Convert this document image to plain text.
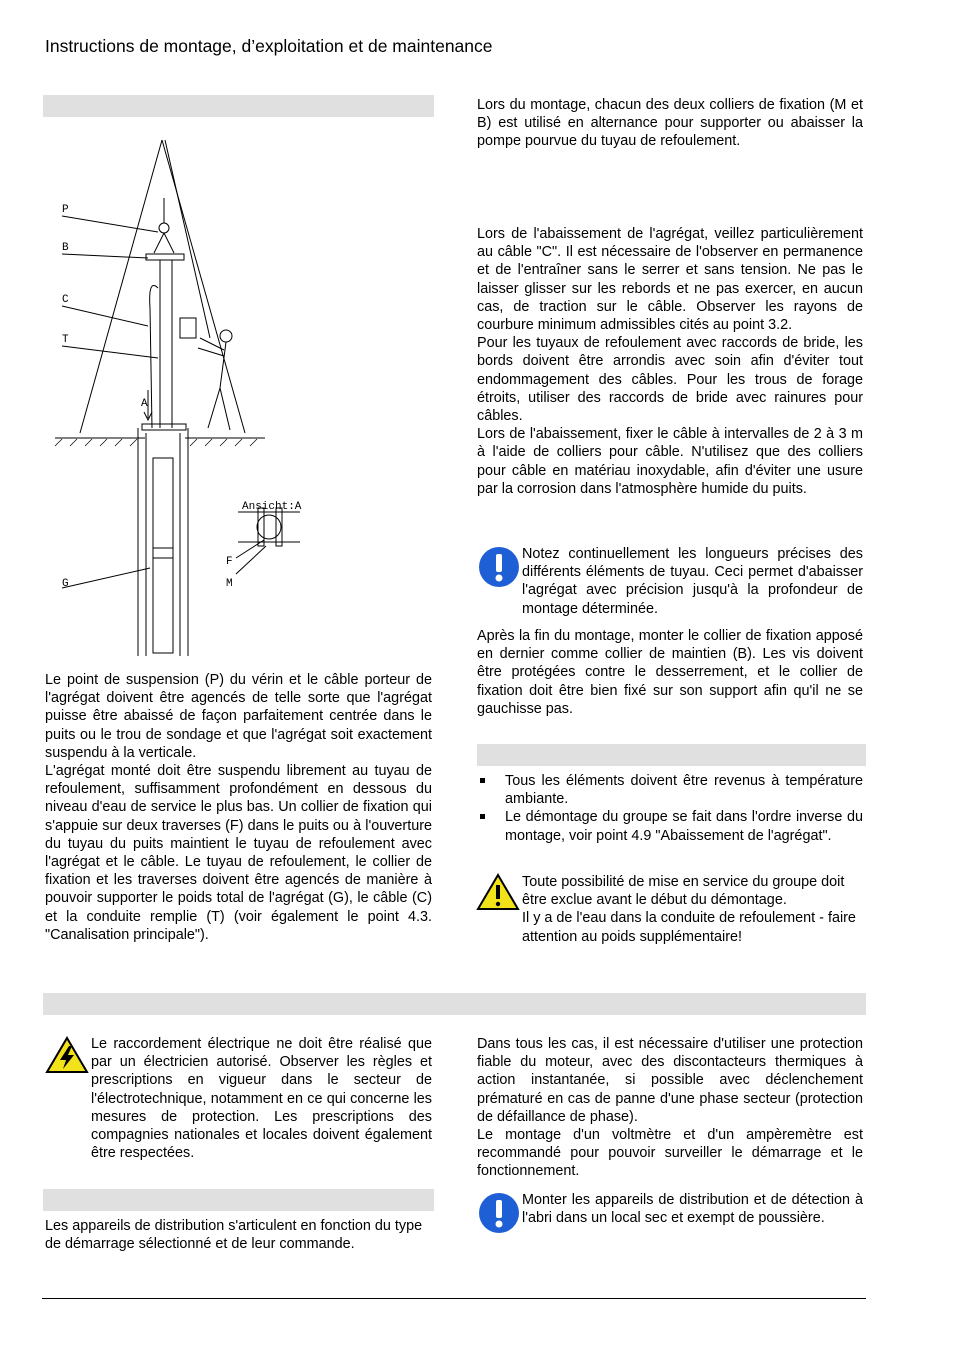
Instructions de montage, d’exploitation et de maintenance
P
B
C
T
A
G
F
M
Ansicht:A

Le point de suspension (P) du vérin et le câble porteur de l'agrégat doivent être agencés de telle sorte que l'agrégat puisse être abaissé de façon parfaitement centrée dans le puits ou le trou de sondage et que l'agrégat soit exactement suspendu à la verticale.

L'agrégat monté doit être suspendu librement au tuyau de refoulement, suffisamment profondément en dessous du niveau d'eau de service le plus bas. Un collier de fixation qui s'appuie sur deux traverses (F) dans le puits ou à l'ouverture du tuyau du puits maintient le tuyau de refoulement avec l'agrégat et le câble. Le tuyau de refoulement, le collier de fixation et les traverses doivent être agencés de manière à pouvoir supporter le poids total de l'agrégat (G), le câble (C) et la conduite remplie (T) (voir également le point 4.3. "Canalisation principale").

Lors du montage, chacun des deux colliers de fixation (M et B) est utilisé en alternance pour supporter ou abaisser la pompe pourvue du tuyau de refoulement.

Lors de l'abaissement de l'agrégat, veillez particulièrement au câble "C". Il est nécessaire de l'observer en permanence et de l'entraîner sans le serrer et sans tension. Ne pas le laisser glisser sur les rebords et ne pas exercer, en aucun cas, de traction sur le câble. Observer les rayons de courbure minimum admissibles cités au point 3.2.

Pour les tuyaux de refoulement avec raccords de bride, les bords doivent être arrondis avec soin afin d'éviter tout endommagement des câbles. Pour les trous de forage étroits, utiliser des raccords de bride avec rainures pour câbles.

Lors de l'abaissement, fixer le câble à intervalles de 2 à 3 m à l'aide de colliers pour câble. N'utilisez que des colliers pour câble en matériau inoxydable, afin d'éviter une usure par la corrosion dans l'atmosphère humide du puits.

Notez continuellement les longueurs précises des différents éléments de tuyau. Ceci permet d'abaisser l'agrégat avec précision jusqu'à la profondeur de montage déterminée.
Après la fin du montage, monter le collier de fixation apposé en dernier comme collier de maintien (B). Les vis doivent être protégées contre le desserrement, et le collier de fixation doit être bien fixé sur son support afin qu'il ne se gauchisse pas.
Tous les éléments doivent être revenus à température ambiante.
Le démontage du groupe se fait dans l'ordre inverse du montage, voir point 4.9 "Abaissement de l'agrégat".

Toute possibilité de mise en service du groupe doit être exclue avant le début du démontage.

Il y a de l'eau dans la conduite de refoulement - faire attention au poids supplémentaire!

Le raccordement électrique ne doit être réalisé que par un électricien autorisé. Observer les règles et prescriptions en vigueur dans le secteur de l'électrotechnique, notamment en ce qui concerne les mesures de protection. Les prescriptions des compagnies nationales et locales doivent également être respectées.
Les appareils de distribution s'articulent en fonction du type de démarrage sélectionné et de leur commande.

Dans tous les cas, il est nécessaire d'utiliser une protection fiable du moteur, avec des discontacteurs thermiques à action instantanée, si possible avec déclenchement prématuré en cas de panne d'une phase secteur (protection de défaillance de phase).

Le montage d'un voltmètre et d'un ampèremètre est recommandé pour pouvoir surveiller le démarrage et le fonctionnement.

Monter les appareils de distribution et de détection à l'abri dans un local sec et exempt de poussière.
